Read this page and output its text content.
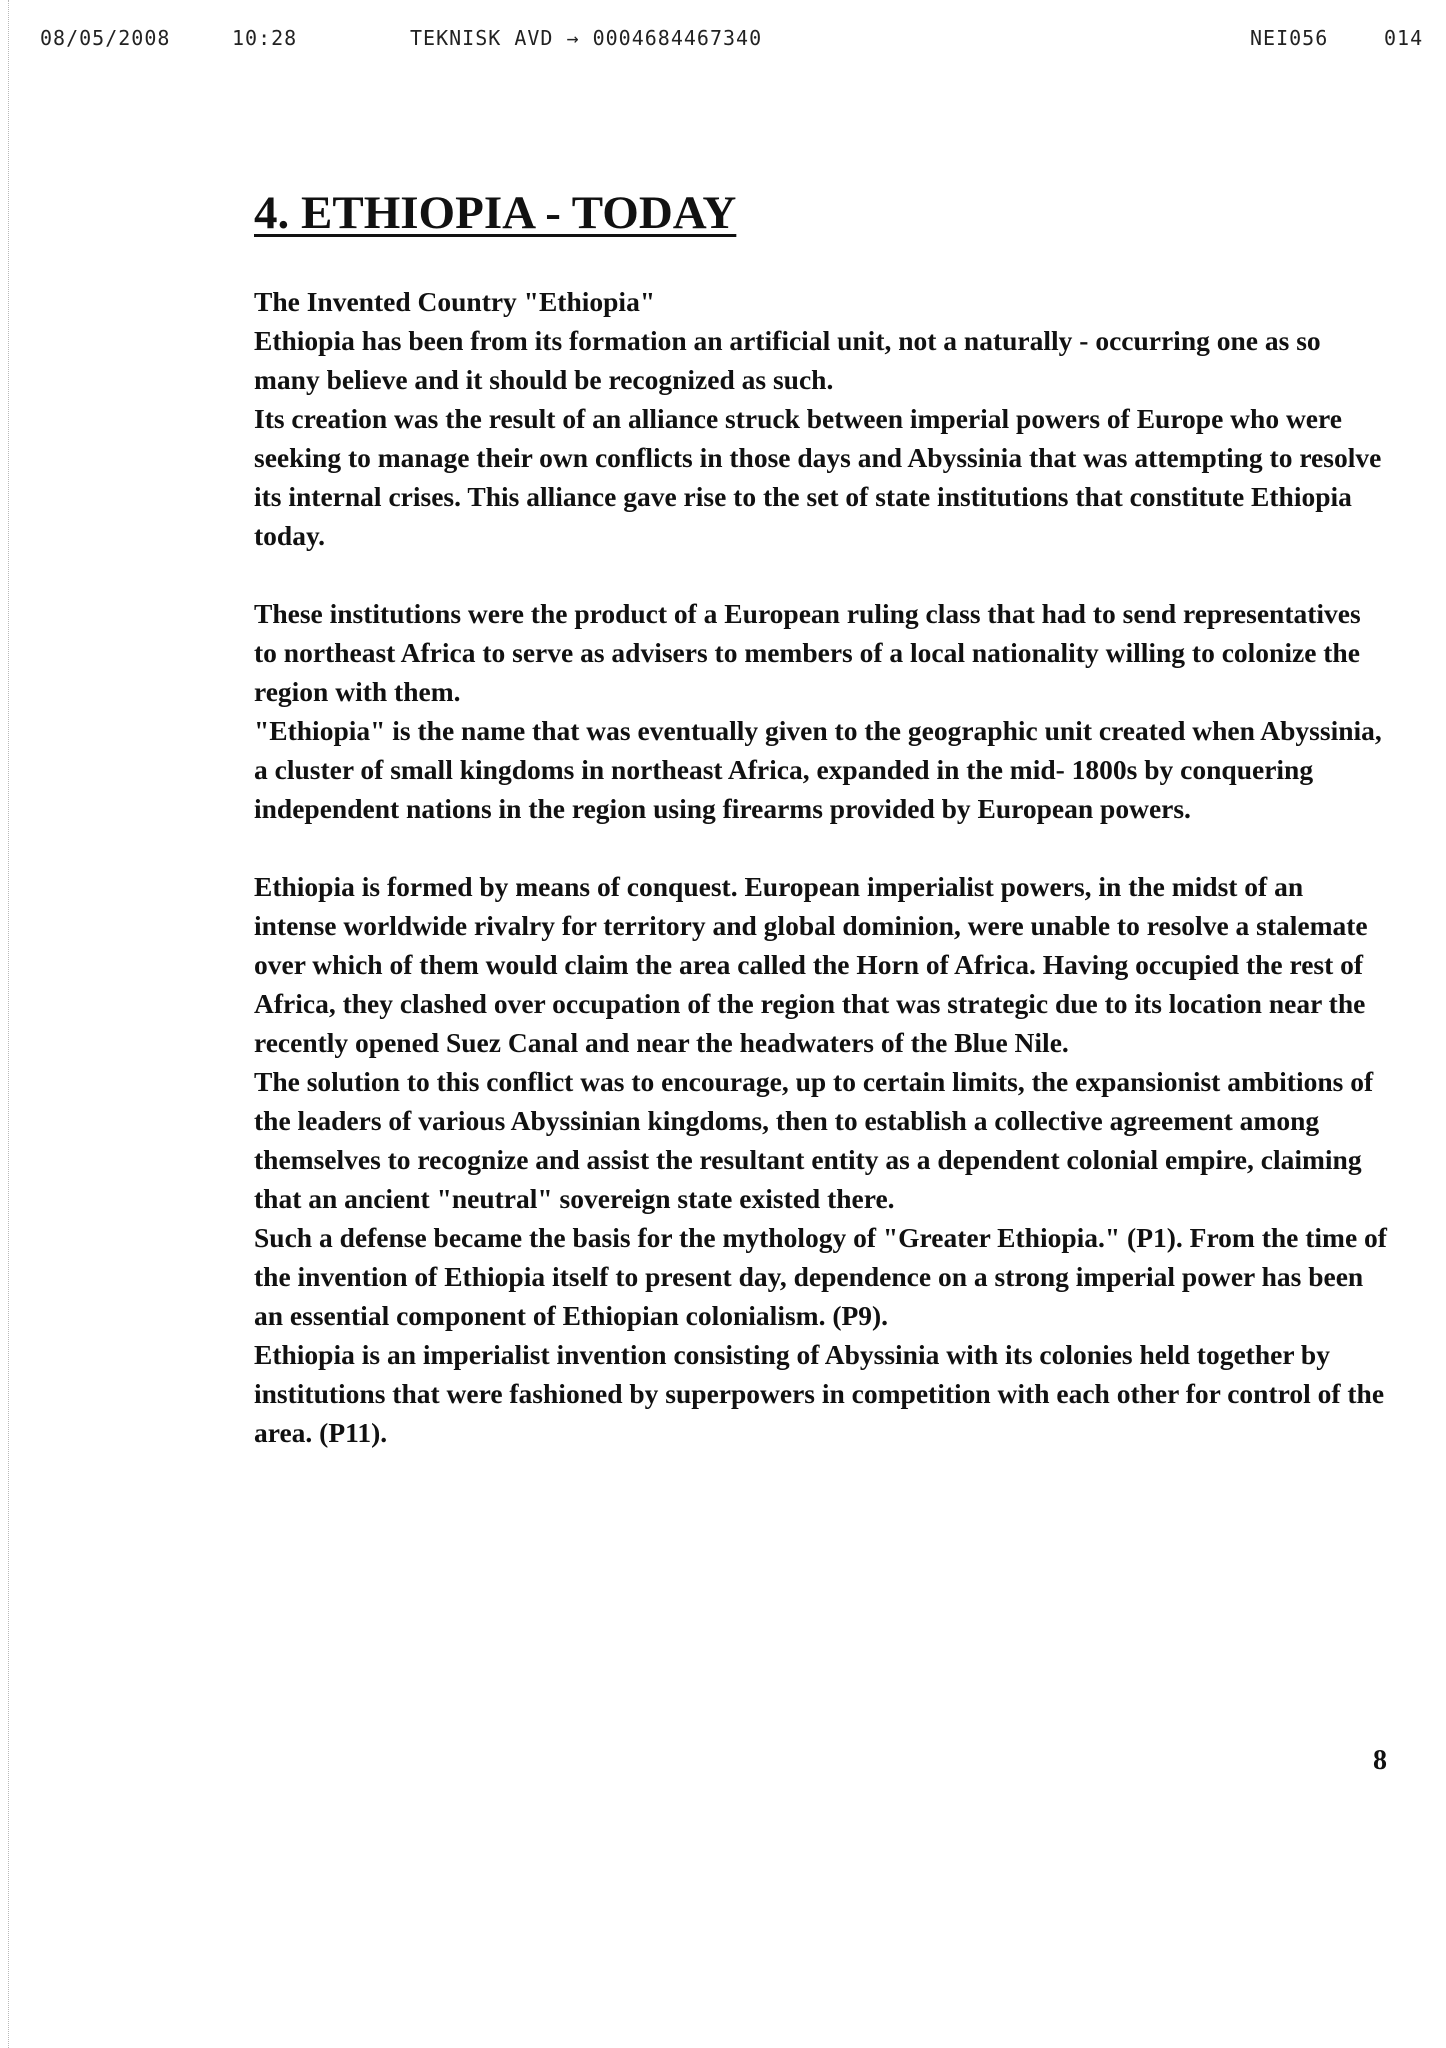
08/05/2008	10:28	TEKNISK AVD → 0004684467340	NEI056	014
4. ETHIOPIA - TODAY

The Invented Country "Ethiopia"

Ethiopia has been from its formation an artificial unit, not a naturally - occurring one as so many believe and it should be recognized as such.

Its creation was the result of an alliance struck between imperial powers of Europe who were seeking to manage their own conflicts in those days and Abyssinia that was attempting to resolve its internal crises. This alliance gave rise to the set of state institutions that constitute Ethiopia today.

These institutions were the product of a European ruling class that had to send representatives to northeast Africa to serve as advisers to members of a local nationality willing to colonize the region with them.

"Ethiopia" is the name that was eventually given to the geographic unit created when Abyssinia, a cluster of small kingdoms in northeast Africa, expanded in the mid- 1800s by conquering independent nations in the region using firearms provided by European powers.

Ethiopia is formed by means of conquest. European imperialist powers, in the midst of an intense worldwide rivalry for territory and global dominion, were unable to resolve a stalemate over which of them would claim the area called the Horn of Africa. Having occupied the rest of Africa, they clashed over occupation of the region that was strategic due to its location near the recently opened Suez Canal and near the headwaters of the Blue Nile.

The solution to this conflict was to encourage, up to certain limits, the expansionist ambitions of the leaders of various Abyssinian kingdoms, then to establish a collective agreement among themselves to recognize and assist the resultant entity as a dependent colonial empire, claiming that an ancient "neutral" sovereign state existed there.

Such a defense became the basis for the mythology of "Greater Ethiopia." (P1). From the time of the invention of Ethiopia itself to present day, dependence on a strong imperial power has been an essential component of Ethiopian colonialism. (P9).

Ethiopia is an imperialist invention consisting of Abyssinia with its colonies held together by institutions that were fashioned by superpowers in competition with each other for control of the area. (P11).

8
